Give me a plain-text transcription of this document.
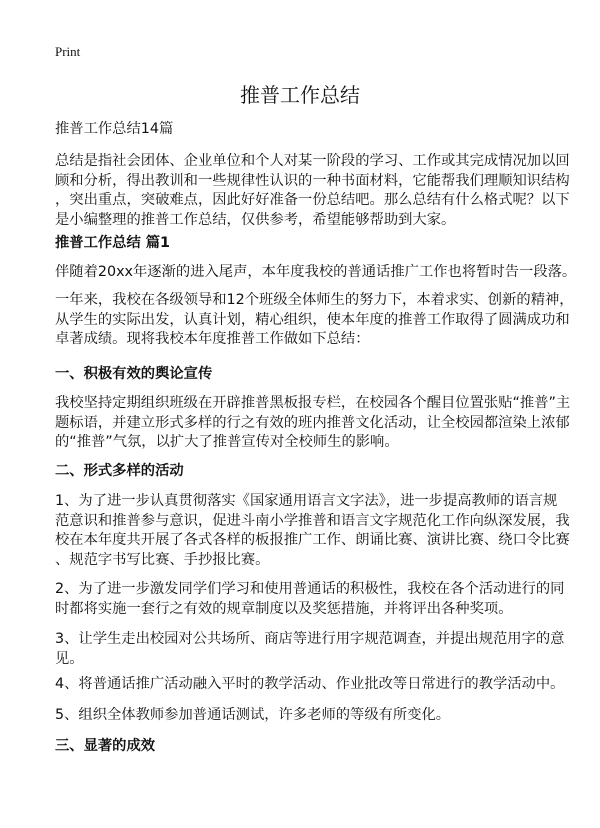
Print
推普工作总结
推普工作总结14篇
总结是指社会团体、企业单位和个人对某一阶段的学习、工作或其完成情况加以回
顾和分析，得出教训和一些规律性认识的一种书面材料，它能帮我们理顺知识结构
，突出重点，突破难点，因此好好准备一份总结吧。那么总结有什么格式呢？以下
是小编整理的推普工作总结，仅供参考，希望能够帮助到大家。
推普工作总结 篇1
伴随着20xx年逐渐的进入尾声，本年度我校的普通话推广工作也将暂时告一段落。
一年来，我校在各级领导和12个班级全体师生的努力下，本着求实、创新的精神，
从学生的实际出发，认真计划，精心组织，使本年度的推普工作取得了圆满成功和
卓著成绩。现将我校本年度推普工作做如下总结：
一、积极有效的舆论宣传
我校坚持定期组织班级在开辟推普黑板报专栏，在校园各个醒目位置张贴“推普”主
题标语，并建立形式多样的行之有效的班内推普文化活动，让全校园都渲染上浓郁
的“推普”气氛，以扩大了推普宣传对全校师生的影响。
二、形式多样的活动
1、为了进一步认真贯彻落实《国家通用语言文字法》，进一步提高教师的语言规
范意识和推普参与意识，促进斗南小学推普和语言文字规范化工作向纵深发展，我
校在本年度共开展了各式各样的板报推广工作、朗诵比赛、演讲比赛、绕口令比赛
、规范字书写比赛、手抄报比赛。
2、为了进一步激发同学们学习和使用普通话的积极性，我校在各个活动进行的同
时都将实施一套行之有效的规章制度以及奖惩措施，并将评出各种奖项。
3、让学生走出校园对公共场所、商店等进行用字规范调查，并提出规范用字的意
见。
4、将普通话推广活动融入平时的教学活动、作业批改等日常进行的教学活动中。
5、组织全体教师参加普通话测试，许多老师的等级有所变化。
三、显著的成效
